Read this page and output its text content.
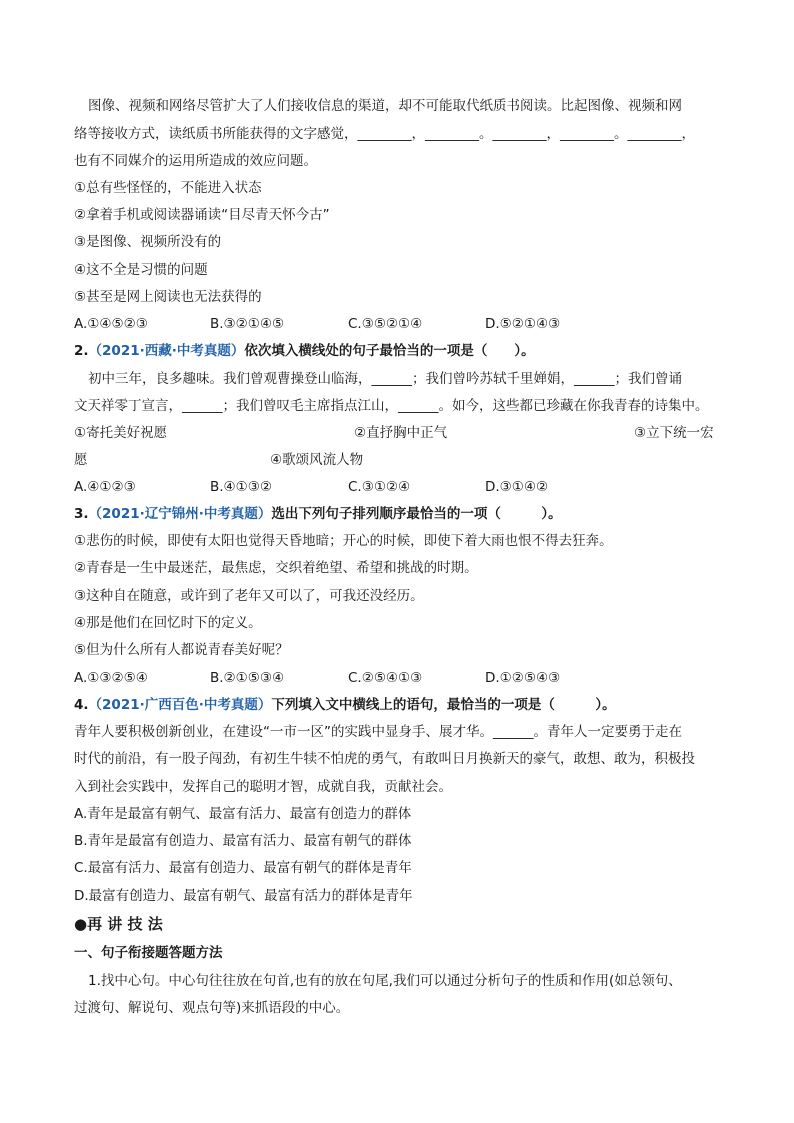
图像、视频和网络尽管扩大了人们接收信息的渠道，却不可能取代纸质书阅读。比起图像、视频和网
络等接收方式，读纸质书所能获得的文字感觉，________，________。________，________。________，
也有不同媒介的运用所造成的效应问题。
①总有些怪怪的，不能进入状态
②拿着手机或阅读器诵读“目尽青天怀今古”
③是图像、视频所没有的
④这不全是习惯的问题
⑤甚至是网上阅读也无法获得的
A.①④⑤②③	B.③②①④⑤	C.③⑤②①④	D.⑤②①④③
2.（2021·西藏·中考真题）依次填入横线处的句子最恰当的一项是（　　）。
初中三年，良多趣味。我们曾观曹操登山临海，______；我们曾吟苏轼千里婵娟，______；我们曾诵
文天祥零丁宣言，______；我们曾叹毛主席指点江山，______。如今，这些都已珍藏在你我青春的诗集中。
①寄托美好祝愿	②直抒胸中正气	③立下统一宏
愿	④歌颂风流人物
A.④①②③	B.④①③②	C.③①②④	D.③①④②
3.（2021·辽宁锦州·中考真题）选出下列句子排列顺序最恰当的一项（　　　）。
①悲伤的时候，即使有太阳也觉得天昏地暗；开心的时候，即使下着大雨也恨不得去狂奔。
②青春是一生中最迷茫，最焦虑，交织着绝望、希望和挑战的时期。
③这种自在随意，或许到了老年又可以了，可我还没经历。
④那是他们在回忆时下的定义。
⑤但为什么所有人都说青春美好呢？
A.①③②⑤④	B.②①⑤③④	C.②⑤④①③	D.①②⑤④③
4.（2021·广西百色·中考真题）下列填入文中横线上的语句，最恰当的一项是（　　　）。
青年人要积极创新创业，在建设“一市一区”的实践中显身手、展才华。______。青年人一定要勇于走在
时代的前沿，有一股子闯劲，有初生牛犊不怕虎的勇气，有敢叫日月换新天的豪气，敢想、敢为，积极投
入到社会实践中，发挥自己的聪明才智，成就自我，贡献社会。
A.青年是最富有朝气、最富有活力、最富有创造力的群体
B.青年是最富有创造力、最富有活力、最富有朝气的群体
C.最富有活力、最富有创造力、最富有朝气的群体是青年
D.最富有创造力、最富有朝气、最富有活力的群体是青年
●再 讲 技 法
一、句子衔接题答题方法
1.找中心句。中心句往往放在句首,也有的放在句尾,我们可以通过分析句子的性质和作用(如总领句、
过渡句、解说句、观点句等)来抓语段的中心。
